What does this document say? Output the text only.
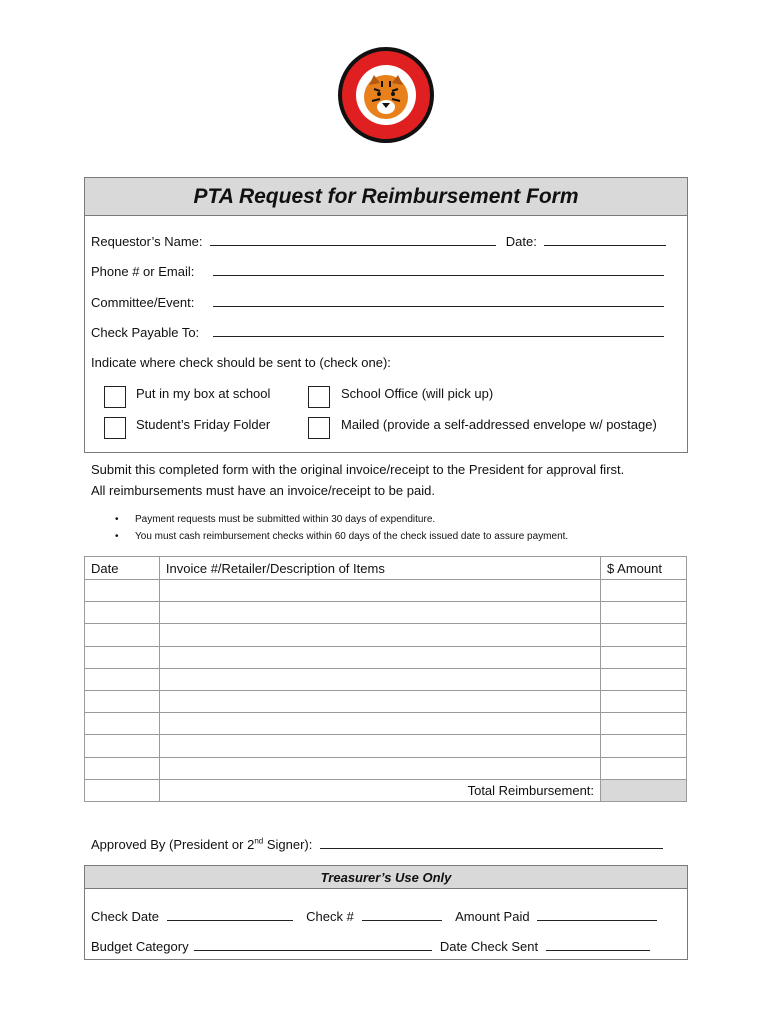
PTA Request for Reimbursement Form
Requestor’s Name:	Date:
Phone # or Email:
Committee/Event:
Check Payable To:
Indicate where check should be sent to (check one):
Put in my box at school	School Office (will pick up)
Student’s Friday Folder	Mailed (provide a self-addressed envelope w/ postage)
Submit this completed form with the original invoice/receipt to the President for approval first.
All reimbursements must have an invoice/receipt to be paid.
• Payment requests must be submitted within 30 days of expenditure.
• You must cash reimbursement checks within 60 days of the check issued date to assure payment.
Date	Invoice #/Retailer/Description of Items	$ Amount

	Total Reimbursement:	
Approved By (President or 2nd Signer):
Treasurer’s Use Only
Check Date	Check #	Amount Paid
Budget Category	Date Check Sent
